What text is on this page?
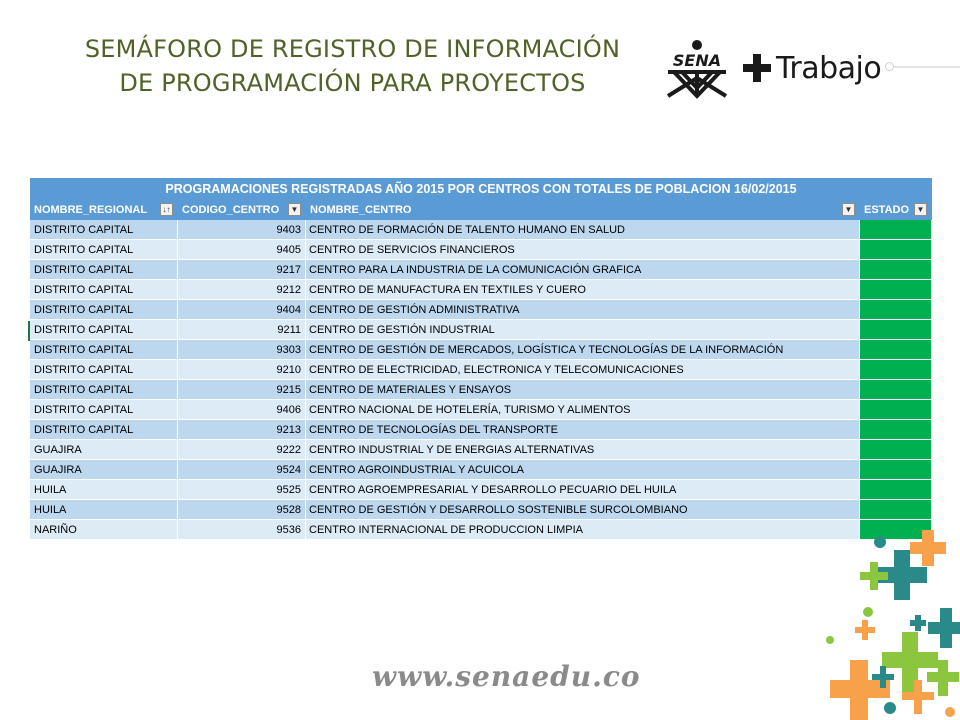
SEMÁFORO DE REGISTRO DE INFORMACIÓN
DE PROGRAMACIÓN PARA PROYECTOS
SENA Trabajo
PROGRAMACIONES REGISTRADAS AÑO 2015 POR CENTROS CON TOTALES DE POBLACION 16/02/2015
NOMBRE_REGIONAL	↓↑	CODIGO_CENTRO	▼	NOMBRE_CENTRO	▼	ESTADO ▼
DISTRITO CAPITAL	9403 CENTRO DE FORMACIÓN DE TALENTO HUMANO EN SALUD
DISTRITO CAPITAL	9405 CENTRO DE SERVICIOS FINANCIEROS
DISTRITO CAPITAL	9217 CENTRO PARA LA INDUSTRIA DE LA COMUNICACIÓN GRAFICA
DISTRITO CAPITAL	9212 CENTRO DE MANUFACTURA EN TEXTILES Y CUERO
DISTRITO CAPITAL	9404 CENTRO DE GESTIÓN ADMINISTRATIVA
DISTRITO CAPITAL	9211 CENTRO DE GESTIÓN INDUSTRIAL
DISTRITO CAPITAL	9303 CENTRO DE GESTIÓN DE MERCADOS, LOGÍSTICA Y TECNOLOGÍAS DE LA INFORMACIÓN
DISTRITO CAPITAL	9210 CENTRO DE ELECTRICIDAD, ELECTRONICA Y TELECOMUNICACIONES
DISTRITO CAPITAL	9215 CENTRO DE MATERIALES Y ENSAYOS
DISTRITO CAPITAL	9406 CENTRO NACIONAL DE HOTELERÍA, TURISMO Y ALIMENTOS
DISTRITO CAPITAL	9213 CENTRO DE TECNOLOGÍAS DEL TRANSPORTE
GUAJIRA	9222 CENTRO INDUSTRIAL Y DE ENERGIAS ALTERNATIVAS
GUAJIRA	9524 CENTRO AGROINDUSTRIAL Y ACUICOLA
HUILA	9525 CENTRO AGROEMPRESARIAL Y DESARROLLO PECUARIO DEL HUILA
HUILA	9528 CENTRO DE GESTIÓN Y DESARROLLO SOSTENIBLE SURCOLOMBIANO
NARIÑO	9536 CENTRO INTERNACIONAL DE PRODUCCION LIMPIA
www.senaedu.co
